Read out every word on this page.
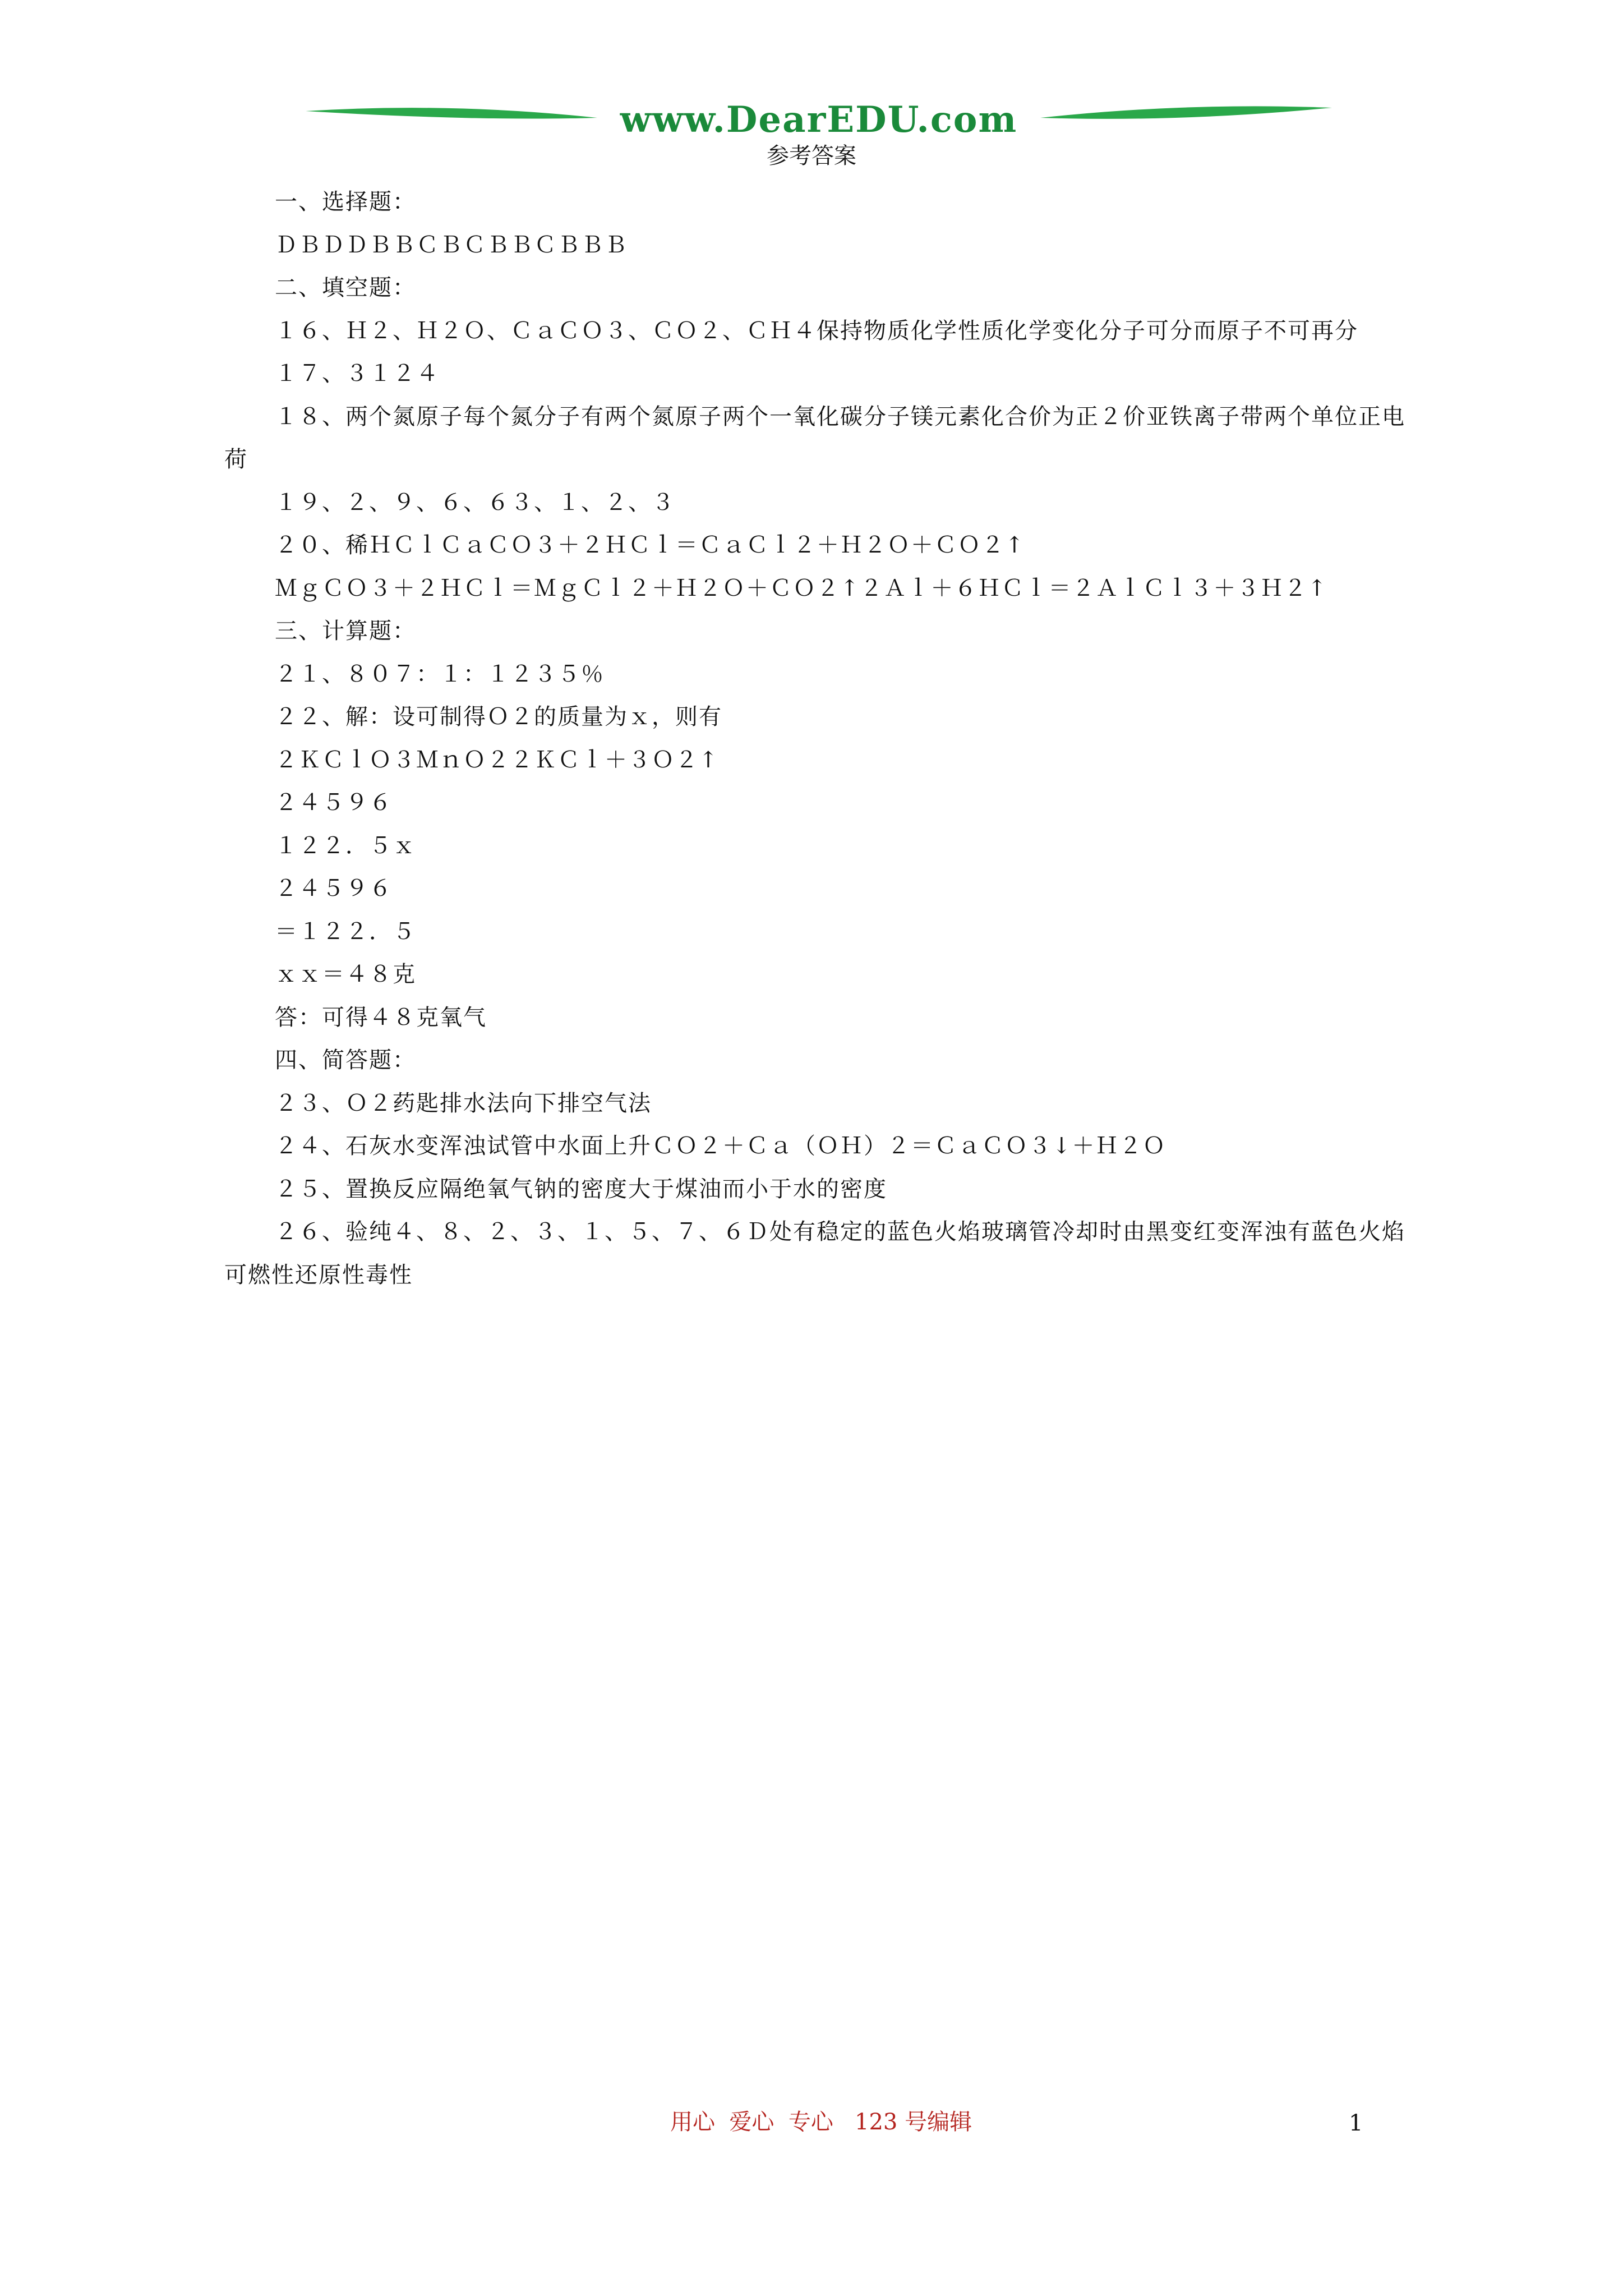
www.DearEDU.com
参考答案
一、选择题：
ＤＢＤＤＢＢＣＢＣＢＢＣＢＢＢ
二、填空题：
１６、Ｈ２、Ｈ２Ｏ、ＣａＣＯ３、ＣＯ２、ＣＨ４保持物质化学性质化学变化分子可分而原子不可再分
１７、３１２４
１８、两个氮原子每个氮分子有两个氮原子两个一氧化碳分子镁元素化合价为正２价亚铁离子带两个单位正电荷
１９、２、９、６、６３、１、２、３
２０、稀ＨＣｌＣａＣＯ３＋２ＨＣｌ＝ＣａＣｌ２＋Ｈ２Ｏ＋ＣＯ２↑
ＭｇＣＯ３＋２ＨＣｌ＝ＭｇＣｌ２＋Ｈ２Ｏ＋ＣＯ２↑２Ａｌ＋６ＨＣｌ＝２ＡｌＣｌ３＋３Ｈ２↑
三、计算题：
２１、８０７：１：１２３５％
２２、解：设可制得Ｏ２的质量为ｘ，则有
２ＫＣｌＯ３ＭｎＯ２２ＫＣｌ＋３Ｏ２↑
２４５９６
１２２．５ｘ
２４５９６
＝１２２．５
ｘｘ＝４８克
答：可得４８克氧气
四、简答题：
２３、Ｏ２药匙排水法向下排空气法
２４、石灰水变浑浊试管中水面上升ＣＯ２＋Ｃａ（ＯＨ）２＝ＣａＣＯ３↓＋Ｈ２Ｏ
２５、置换反应隔绝氧气钠的密度大于煤油而小于水的密度
２６、验纯４、８、２、３、１、５、７、６Ｄ处有稳定的蓝色火焰玻璃管冷却时由黑变红变浑浊有蓝色火焰可燃性还原性毒性
用心  爱心  专心   123 号编辑	1
